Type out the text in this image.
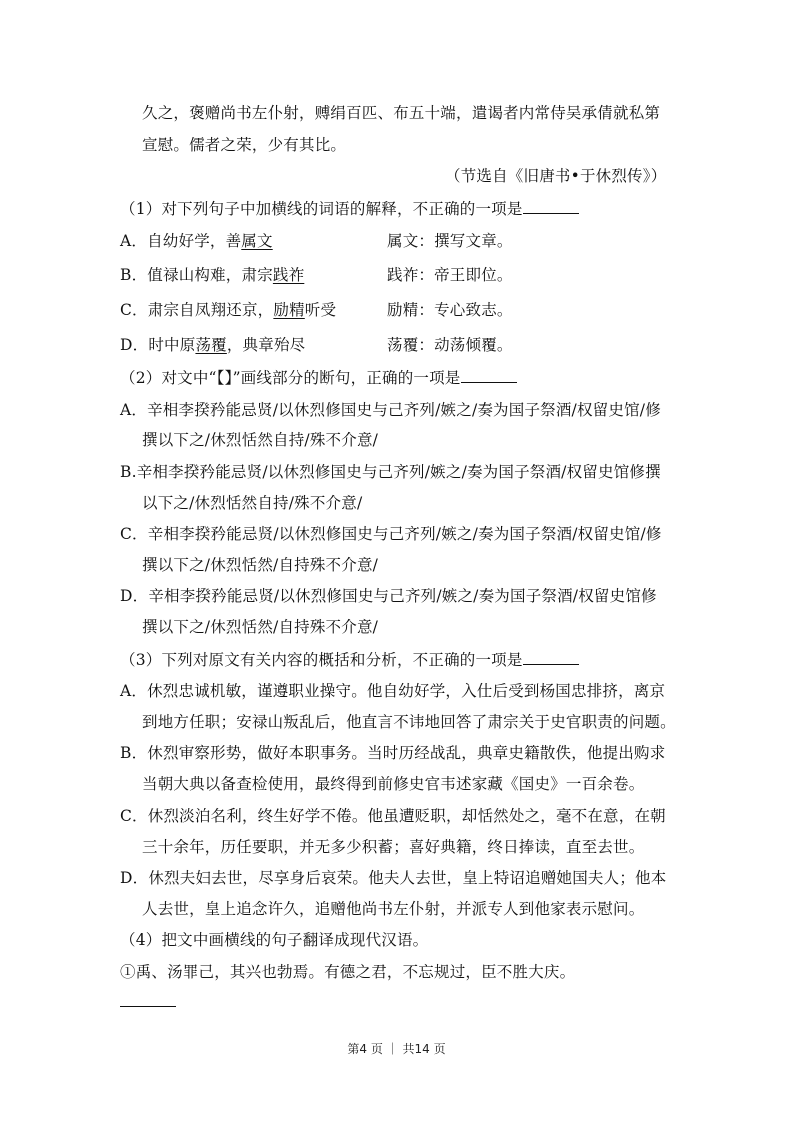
久之，褒赠尚书左仆射，赙绢百匹、布五十端，遣谒者内常侍吴承倩就私第
宣慰。儒者之荣，少有其比。
（节选自《旧唐书•于休烈传》）
（1）对下列句子中加横线的词语的解释，不正确的一项是
A．自幼好学，善属文	属文：撰写文章。
B．值禄山构难，肃宗践祚	践祚：帝王即位。
C．肃宗自凤翔还京，励精听受	励精：专心致志。
D．时中原荡覆，典章殆尽	荡覆：动荡倾覆。
（2）对文中“【】”画线部分的断句，正确的一项是
A．辛相李揆矜能忌贤/以休烈修国史与己齐列/嫉之/奏为国子祭酒/权留史馆/修
撰以下之/休烈恬然自持/殊不介意/
B.辛相李揆矜能忌贤/以休烈修国史与己齐列/嫉之/奏为国子祭酒/权留史馆修撰
以下之/休烈恬然自持/殊不介意/
C．辛相李揆矜能忌贤/以休烈修国史与己齐列/嫉之/奏为国子祭酒/权留史馆/修
撰以下之/休烈恬然/自持殊不介意/
D．辛相李揆矜能忌贤/以休烈修国史与己齐列/嫉之/奏为国子祭酒/权留史馆修
撰以下之/休烈恬然/自持殊不介意/
（3）下列对原文有关内容的概括和分析，不正确的一项是
A．休烈忠诚机敏，谨遵职业操守。他自幼好学，入仕后受到杨国忠排挤，离京
到地方任职；安禄山叛乱后，他直言不讳地回答了肃宗关于史官职责的问题。
B．休烈审察形势，做好本职事务。当时历经战乱，典章史籍散佚，他提出购求
当朝大典以备查检使用，最终得到前修史官韦述家藏《国史》一百余卷。
C．休烈淡泊名利，终生好学不倦。他虽遭贬职，却恬然处之，毫不在意，在朝
三十余年，历任要职，并无多少积蓄；喜好典籍，终日捧读，直至去世。
D．休烈夫妇去世，尽享身后哀荣。他夫人去世，皇上特诏追赠她国夫人；他本
人去世，皇上追念许久，追赠他尚书左仆射，并派专人到他家表示慰问。
（4）把文中画横线的句子翻译成现代汉语。
①禹、汤罪己，其兴也勃焉。有德之君，不忘规过，臣不胜大庆。
第4 页 ｜ 共14 页
